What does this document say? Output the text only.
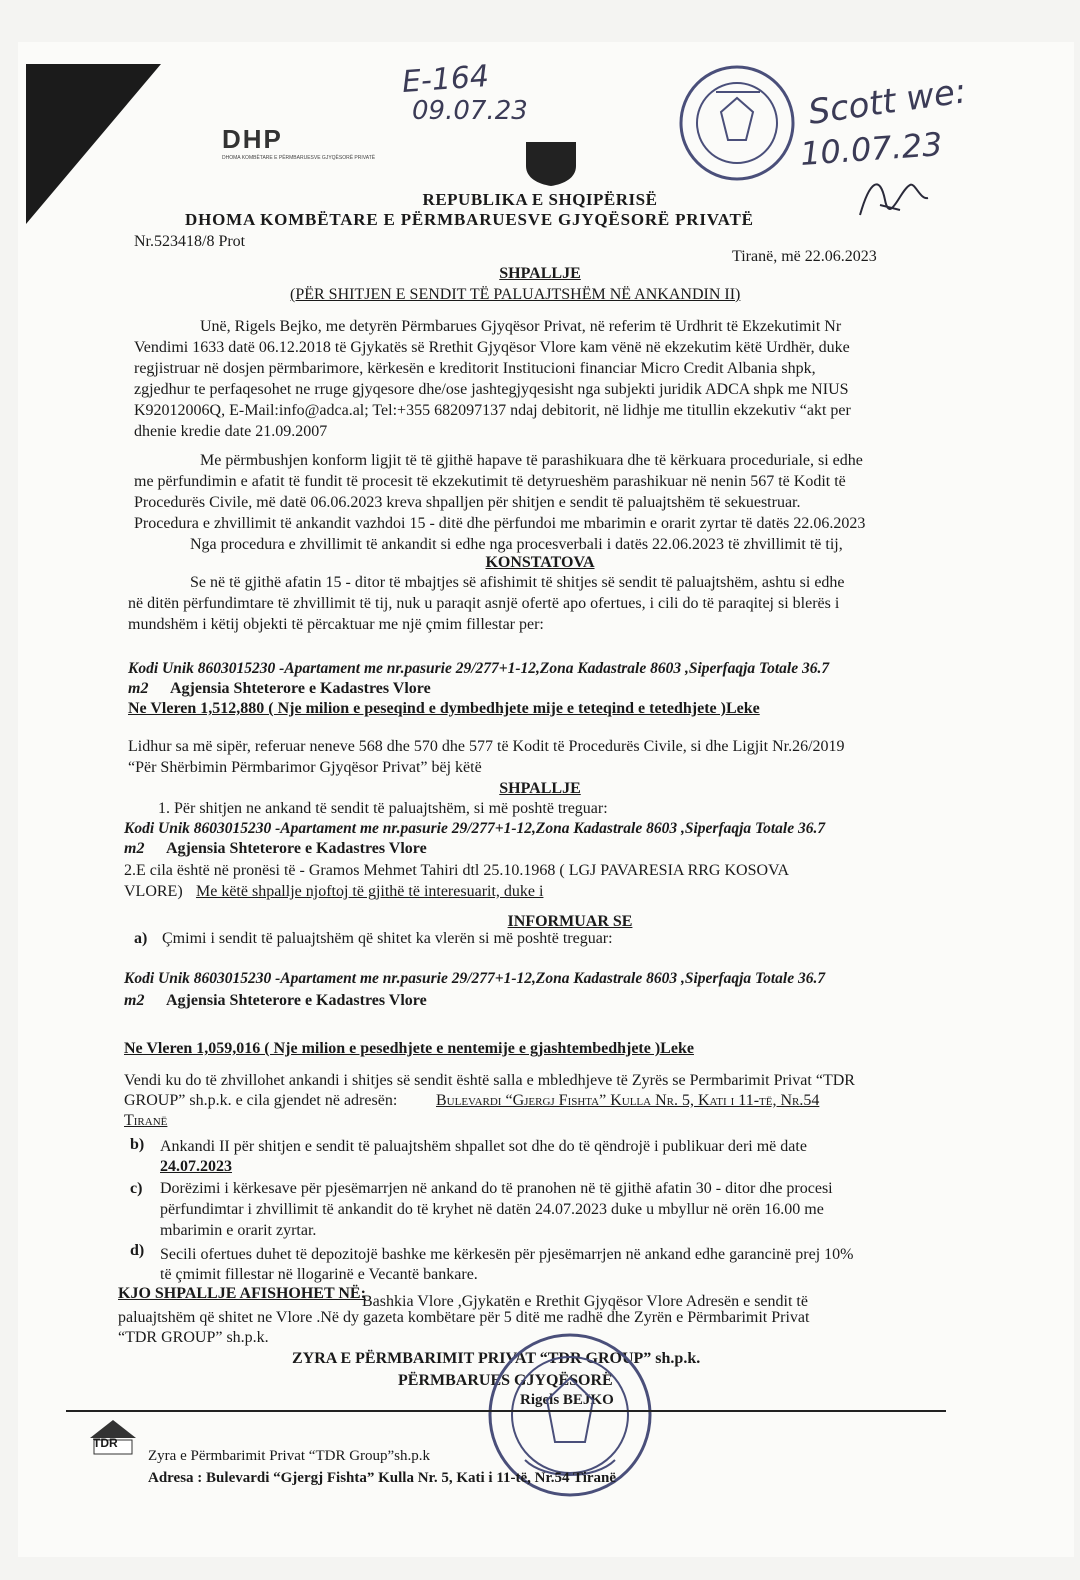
E-164
09.07.23	Scott we:
10.07.23
DHP
DHOMA KOMBËTARE E PËRMBARUESVE GJYQËSORË PRIVATË
REPUBLIKA E SHQIPËRISË
DHOMA KOMBËTARE E PËRMBARUESVE GJYQËSORË PRIVATË
Nr.523418/8 Prot
Tiranë, më 22.06.2023
SHPALLJE
(PËR SHITJEN E SENDIT TË PALUAJTSHËM NË ANKANDIN II)
Unë, Rigels Bejko, me detyrën Përmbarues Gjyqësor Privat, në referim të Urdhrit të Ekzekutimit Nr
Vendimi 1633 datë 06.12.2018 të Gjykatës së Rrethit Gjyqësor Vlore kam vënë në ekzekutim këtë Urdhër, duke
regjistruar në dosjen përmbarimore, kërkesën e kreditorit Institucioni financiar Micro Credit Albania shpk,
zgjedhur te perfaqesohet ne rruge gjyqesore dhe/ose jashtegjyqesisht nga subjekti juridik ADCA shpk me NIUS
K92012006Q, E-Mail:info@adca.al; Tel:+355 682097137 ndaj debitorit, në lidhje me titullin ekzekutiv “akt per
dhenie kredie date 21.09.2007
Me përmbushjen konform ligjit të të gjithë hapave të parashikuara dhe të kërkuara proceduriale, si edhe
me përfundimin e afatit të fundit të procesit të ekzekutimit të detyrueshëm parashikuar në nenin 567 të Kodit të
Procedurës Civile, më datë 06.06.2023 kreva shpalljen për shitjen e sendit të paluajtshëm të sekuestruar.
Procedura e zhvillimit të ankandit vazhdoi 15 - ditë dhe përfundoi me mbarimin e orarit zyrtar të datës 22.06.2023
Nga procedura e zhvillimit të ankandit si edhe nga procesverbali i datës 22.06.2023 të zhvillimit të tij,
KONSTATOVA
Se në të gjithë afatin 15 - ditor të mbajtjes së afishimit të shitjes së sendit të paluajtshëm, ashtu si edhe
në ditën përfundimtare të zhvillimit të tij, nuk u paraqit asnjë ofertë apo ofertues, i cili do të paraqitej si blerës i
mundshëm i këtij objekti të përcaktuar me një çmim fillestar per:
Kodi Unik 8603015230 -Apartament me nr.pasurie 29/277+1-12,Zona Kadastrale 8603 ,Siperfaqja Totale 36.7
m2 Agjensia Shteterore e Kadastres Vlore
Ne Vleren 1,512,880 ( Nje milion e peseqind e dymbedhjete mije e teteqind e tetedhjete )Leke
Lidhur sa më sipër, referuar neneve 568 dhe 570 dhe 577 të Kodit të Procedurës Civile, si dhe Ligjit Nr.26/2019
“Për Shërbimin Përmbarimor Gjyqësor Privat” bëj këtë
SHPALLJE
1. Për shitjen ne ankand të sendit të paluajtshëm, si më poshtë treguar:
Kodi Unik 8603015230 -Apartament me nr.pasurie 29/277+1-12,Zona Kadastrale 8603 ,Siperfaqja Totale 36.7
m2 Agjensia Shteterore e Kadastres Vlore
2.E cila është në pronësi të - Gramos Mehmet Tahiri dtl 25.10.1968 ( LGJ PAVARESIA RRG KOSOVA
VLORE) Me këtë shpallje njoftoj të gjithë të interesuarit, duke i
INFORMUAR SE
a) Çmimi i sendit të paluajtshëm që shitet ka vlerën si më poshtë treguar:
Kodi Unik 8603015230 -Apartament me nr.pasurie 29/277+1-12,Zona Kadastrale 8603 ,Siperfaqja Totale 36.7
m2 Agjensia Shteterore e Kadastres Vlore
Ne Vleren 1,059,016 ( Nje milion e pesedhjete e nentemije e gjashtembedhjete )Leke
Vendi ku do të zhvillohet ankandi i shitjes së sendit është salla e mbledhjeve të Zyrës se Permbarimit Privat “TDR
GROUP” sh.p.k. e cila gjendet në adresën: Bulevardi “Gjergj Fishta” Kulla Nr. 5, Kati i 11-të, Nr.54
Tiranë
b) Ankandi II për shitjen e sendit të paluajtshëm shpallet sot dhe do të qëndrojë i publikuar deri më date
24.07.2023
c) Dorëzimi i kërkesave për pjesëmarrjen në ankand do të pranohen në të gjithë afatin 30 - ditor dhe procesi
përfundimtar i zhvillimit të ankandit do të kryhet në datën 24.07.2023 duke u mbyllur në orën 16.00 me
mbarimin e orarit zyrtar.
d) Secili ofertues duhet të depozitojë bashke me kërkesën për pjesëmarrjen në ankand edhe garancinë prej 10%
të çmimit fillestar në llogarinë e Vecantë bankare.
KJO SHPALLJE AFISHOHET NË:
Bashkia Vlore ,Gjykatën e Rrethit Gjyqësor Vlore Adresën e sendit të
paluajtshëm që shitet ne Vlore .Në dy gazeta kombëtare për 5 ditë me radhë dhe Zyrën e Përmbarimit Privat
“TDR GROUP” sh.p.k.
ZYRA E PËRMBARIMIT PRIVAT “TDR GROUP” sh.p.k.
PËRMBARUES GJYQËSORË
Rigels BEJKO
TDR
Zyra e Përmbarimit Privat “TDR Group”sh.p.k
Adresa : Bulevardi “Gjergj Fishta” Kulla Nr. 5, Kati i 11-të, Nr.54 Tiranë
